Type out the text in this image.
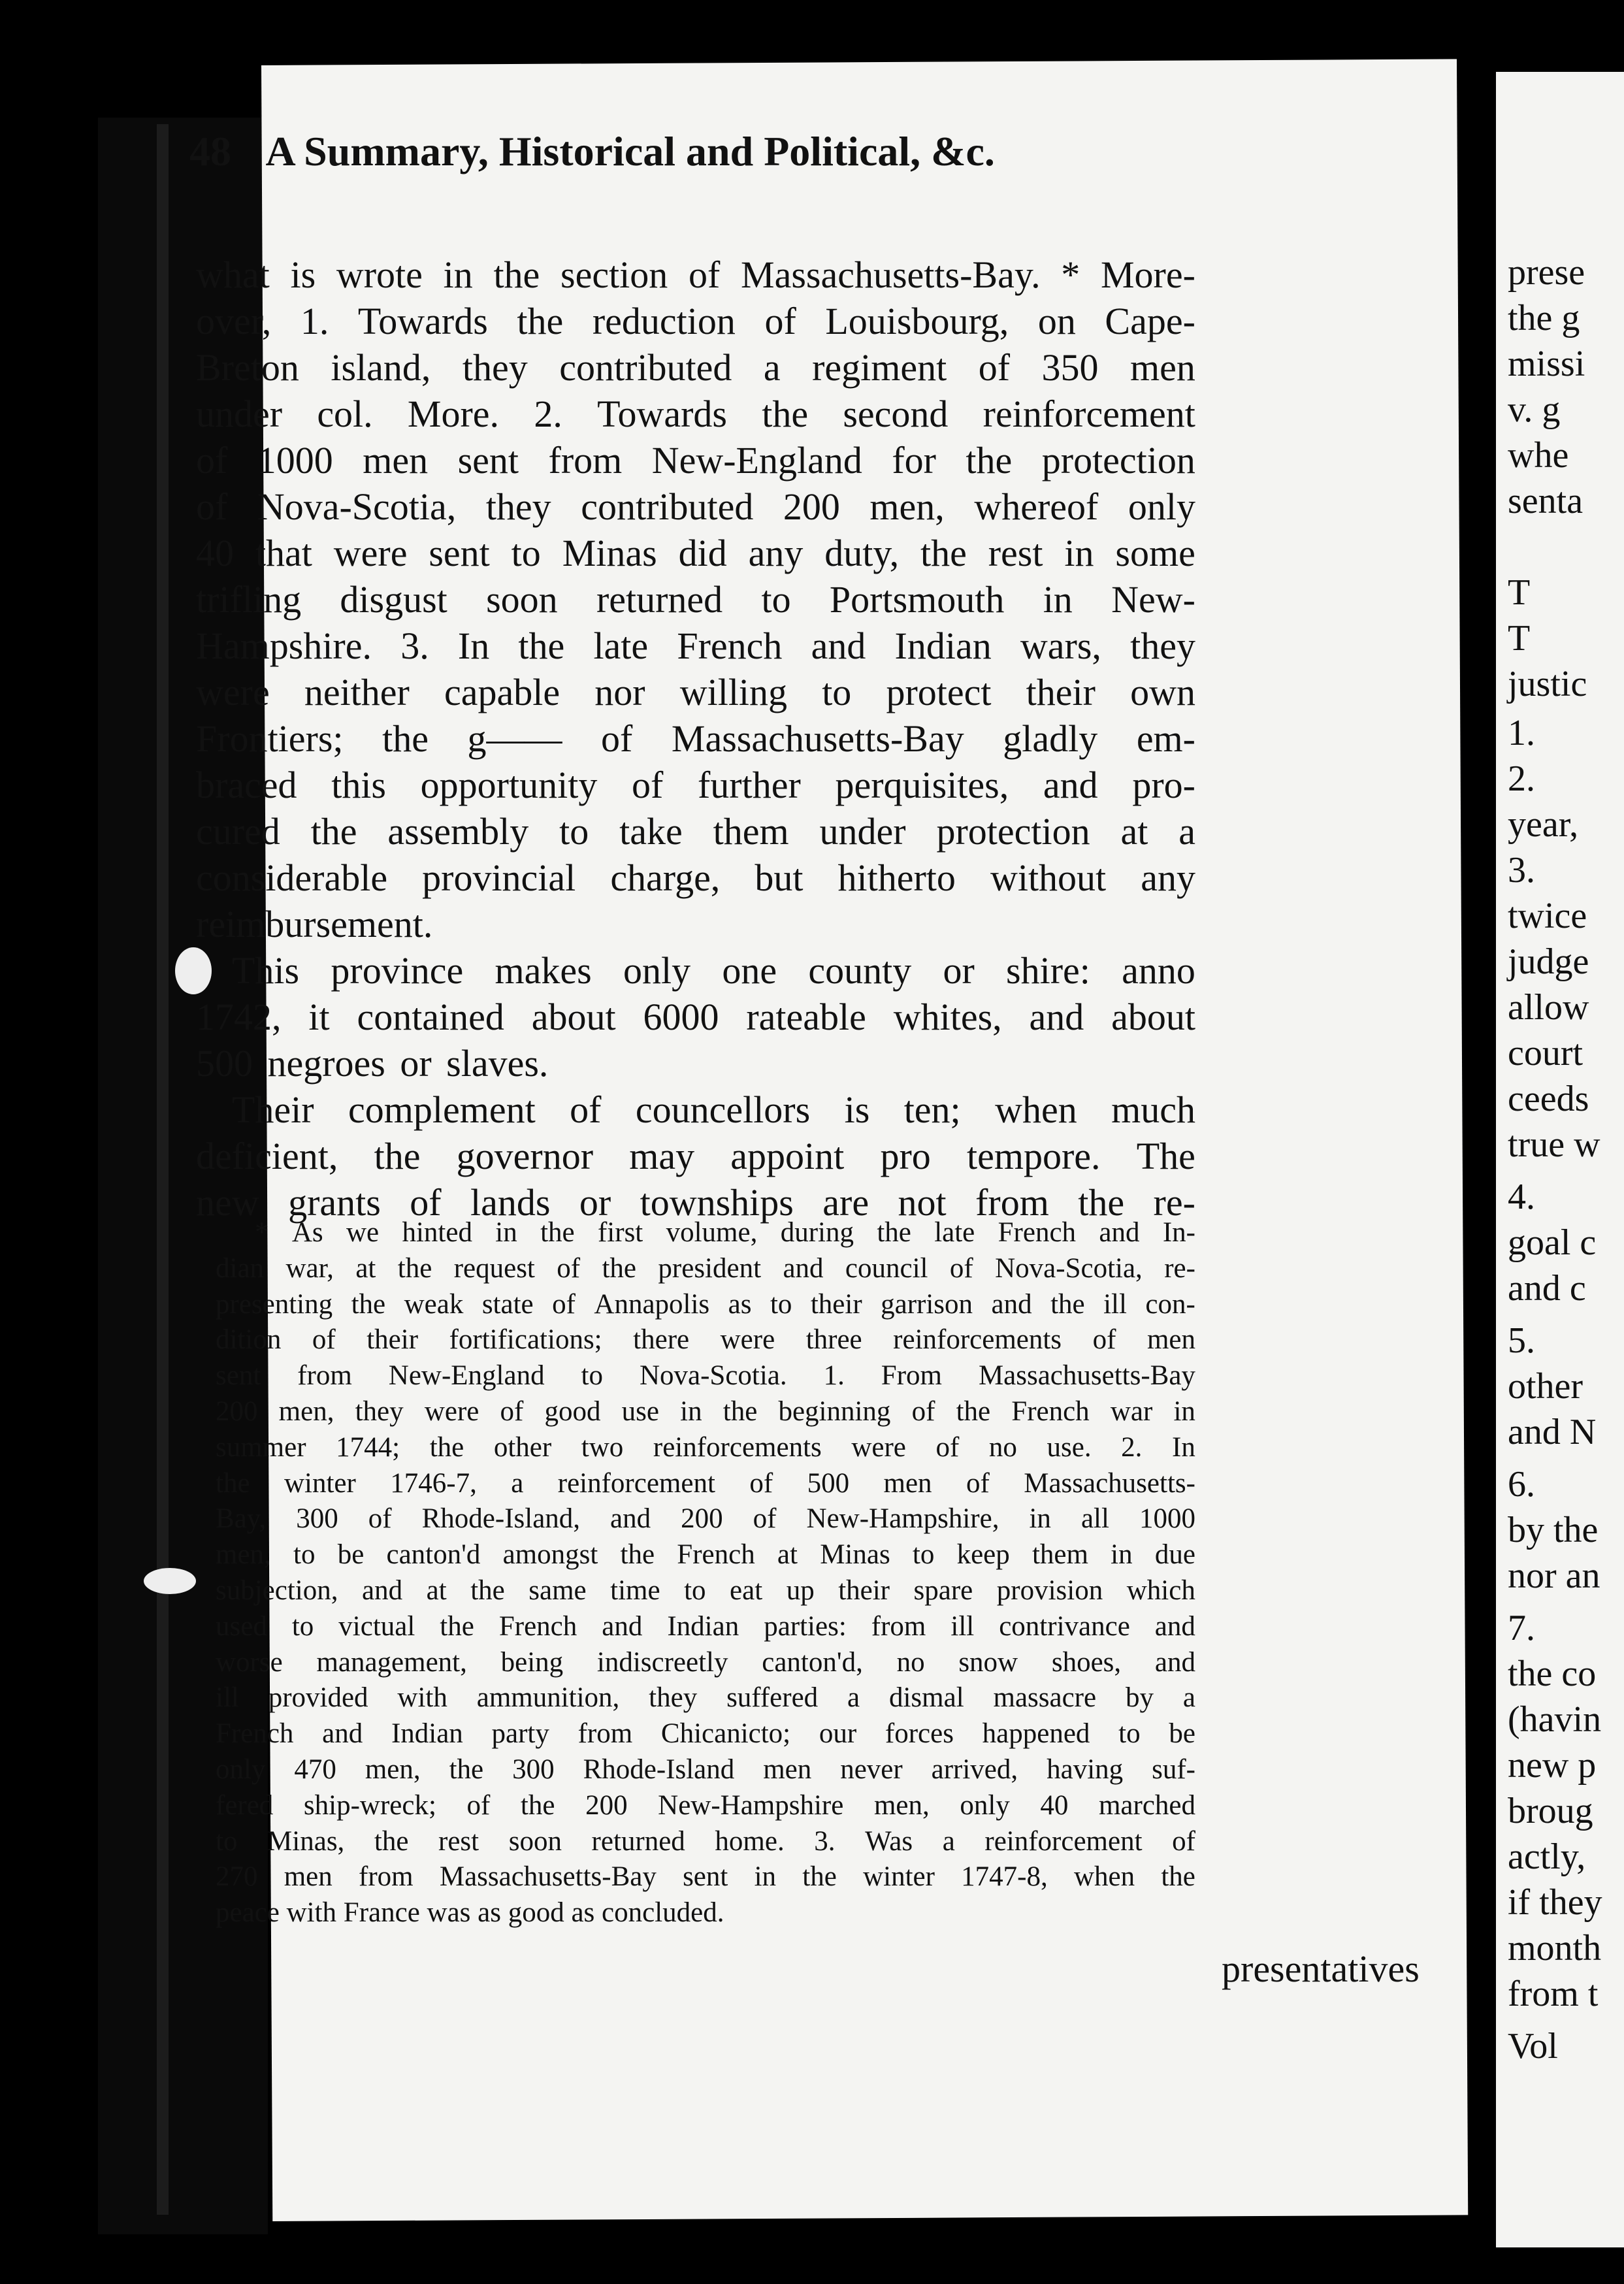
48 A Summary, Historical and Political, &c.
what is wrote in the section of Massachusetts-Bay. * More-
over, 1. Towards the reduction of Louisbourg, on Cape-
Breton island, they contributed a regiment of 350 men
under col. More. 2. Towards the second reinforcement
of 1000 men sent from New-England for the protection
of Nova-Scotia, they contributed 200 men, whereof only
40 that were sent to Minas did any duty, the rest in some
trifling disgust soon returned to Portsmouth in New-
Hampshire. 3. In the late French and Indian wars, they
were neither capable nor willing to protect their own
Frontiers; the g—— of Massachusetts-Bay gladly em-
braced this opportunity of further perquisites, and pro-
cured the assembly to take them under protection at a
considerable provincial charge, but hitherto without any
reimbursement.
This province makes only one county or shire: anno
1742, it contained about 6000 rateable whites, and about
500 negroes or slaves.
Their complement of councellors is ten; when much
deficient, the governor may appoint pro tempore. The
new grants of lands or townships are not from the re-
* As we hinted in the first volume, during the late French and In-
dian war, at the request of the president and council of Nova-Scotia, re-
presenting the weak state of Annapolis as to their garrison and the ill con-
dition of their fortifications; there were three reinforcements of men
sent from New-England to Nova-Scotia. 1. From Massachusetts-Bay
200 men, they were of good use in the beginning of the French war in
summer 1744; the other two reinforcements were of no use. 2. In
the winter 1746-7, a reinforcement of 500 men of Massachusetts-
Bay, 300 of Rhode-Island, and 200 of New-Hampshire, in all 1000
men, to be canton'd amongst the French at Minas to keep them in due
subjection, and at the same time to eat up their spare provision which
used to victual the French and Indian parties: from ill contrivance and
worse management, being indiscreetly canton'd, no snow shoes, and
ill provided with ammunition, they suffered a dismal massacre by a
French and Indian party from Chicanicto; our forces happened to be
only 470 men, the 300 Rhode-Island men never arrived, having suf-
fered ship-wreck; of the 200 New-Hampshire men, only 40 marched
to Minas, the rest soon returned home. 3. Was a reinforcement of
270 men from Massachusetts-Bay sent in the winter 1747-8, when the
peace with France was as good as concluded.
presentatives
prese
the g
missi
v. g
whe
senta
T
T
justic
1.
2.
year,
3.
twice
judge
allow
court
ceeds
true w
4.
goal c
and c
5.
other
and N
6.
by the
nor an
7.
the co
(havin
new p
broug
actly,
if they
month
from t
Vol
